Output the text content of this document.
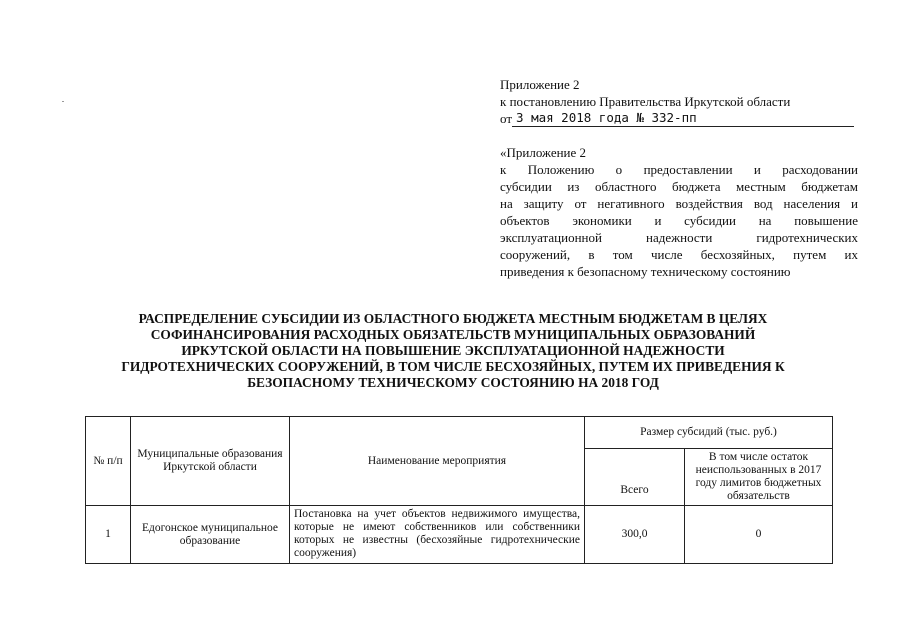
Приложение 2
к постановлению Правительства Иркутской области
от 3 мая 2018 года № 332-пп
«Приложение 2
к Положению о предоставлении и расходовании
субсидии из областного бюджета местным бюджетам
на защиту от негативного воздействия вод населения и
объектов экономики и субсидии на повышение
эксплуатационной надежности гидротехнических
сооружений, в том числе бесхозяйных, путем их
приведения к безопасному техническому состоянию
РАСПРЕДЕЛЕНИЕ СУБСИДИИ ИЗ ОБЛАСТНОГО БЮДЖЕТА МЕСТНЫМ БЮДЖЕТАМ В ЦЕЛЯХ
СОФИНАНСИРОВАНИЯ РАСХОДНЫХ ОБЯЗАТЕЛЬСТВ МУНИЦИПАЛЬНЫХ ОБРАЗОВАНИЙ
ИРКУТСКОЙ ОБЛАСТИ НА ПОВЫШЕНИЕ ЭКСПЛУАТАЦИОННОЙ НАДЕЖНОСТИ
ГИДРОТЕХНИЧЕСКИХ СООРУЖЕНИЙ, В ТОМ ЧИСЛЕ БЕСХОЗЯЙНЫХ, ПУТЕМ ИХ ПРИВЕДЕНИЯ К
БЕЗОПАСНОМУ ТЕХНИЧЕСКОМУ СОСТОЯНИЮ НА 2018 ГОД
№ п/п	Муниципальные образования Иркутской области	Наименование мероприятия	Размер субсидий (тыс. руб.)	
			Всего	В том числе остаток неиспользованных в 2017 году лимитов бюджетных обязательств
1	Едогонское муниципальное образование	Постановка на учет объектов недвижимого имущества, которые не имеют собственников или собственники которых не известны (бесхозяйные гидротехнические сооружения)	300,0	0
